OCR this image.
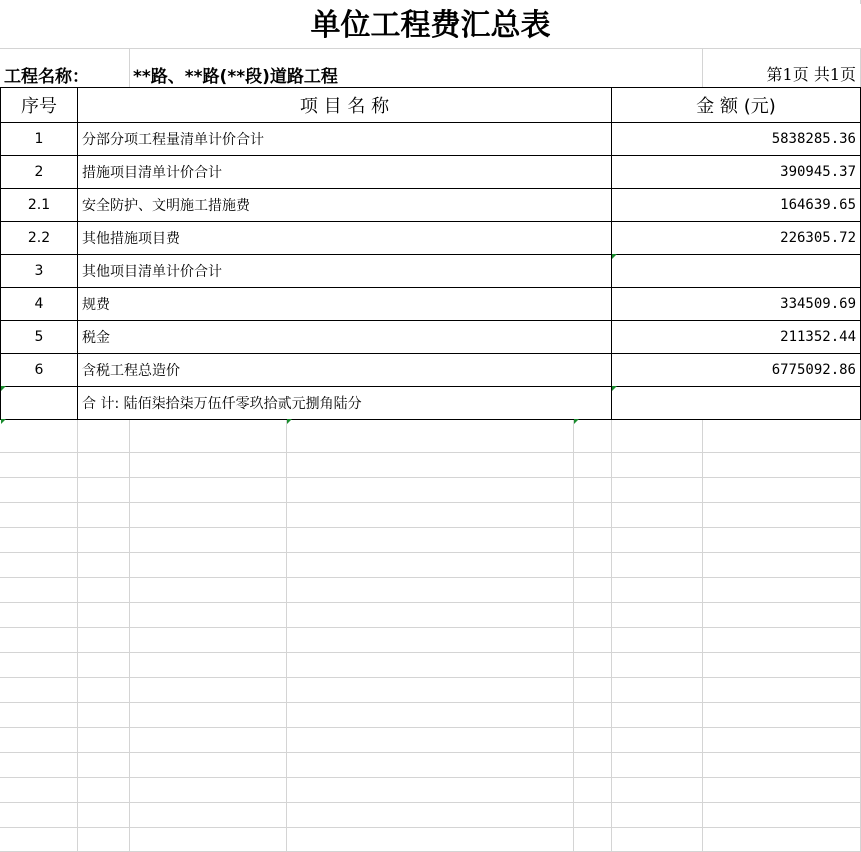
单位工程费汇总表
工程名称：	**路、**路(**段)道路工程	第1页 共1页
序号	项 目 名 称	金 额 (元)
1	分部分项工程量清单计价合计	5838285.36
2	措施项目清单计价合计	390945.37
2.1	安全防护、文明施工措施费	164639.65
2.2	其他措施项目费	226305.72
3	其他项目清单计价合计	
4	规费	334509.69
5	税金	211352.44
6	含税工程总造价	6775092.86
	合 计: 陆佰柒拾柒万伍仟零玖拾贰元捌角陆分	
